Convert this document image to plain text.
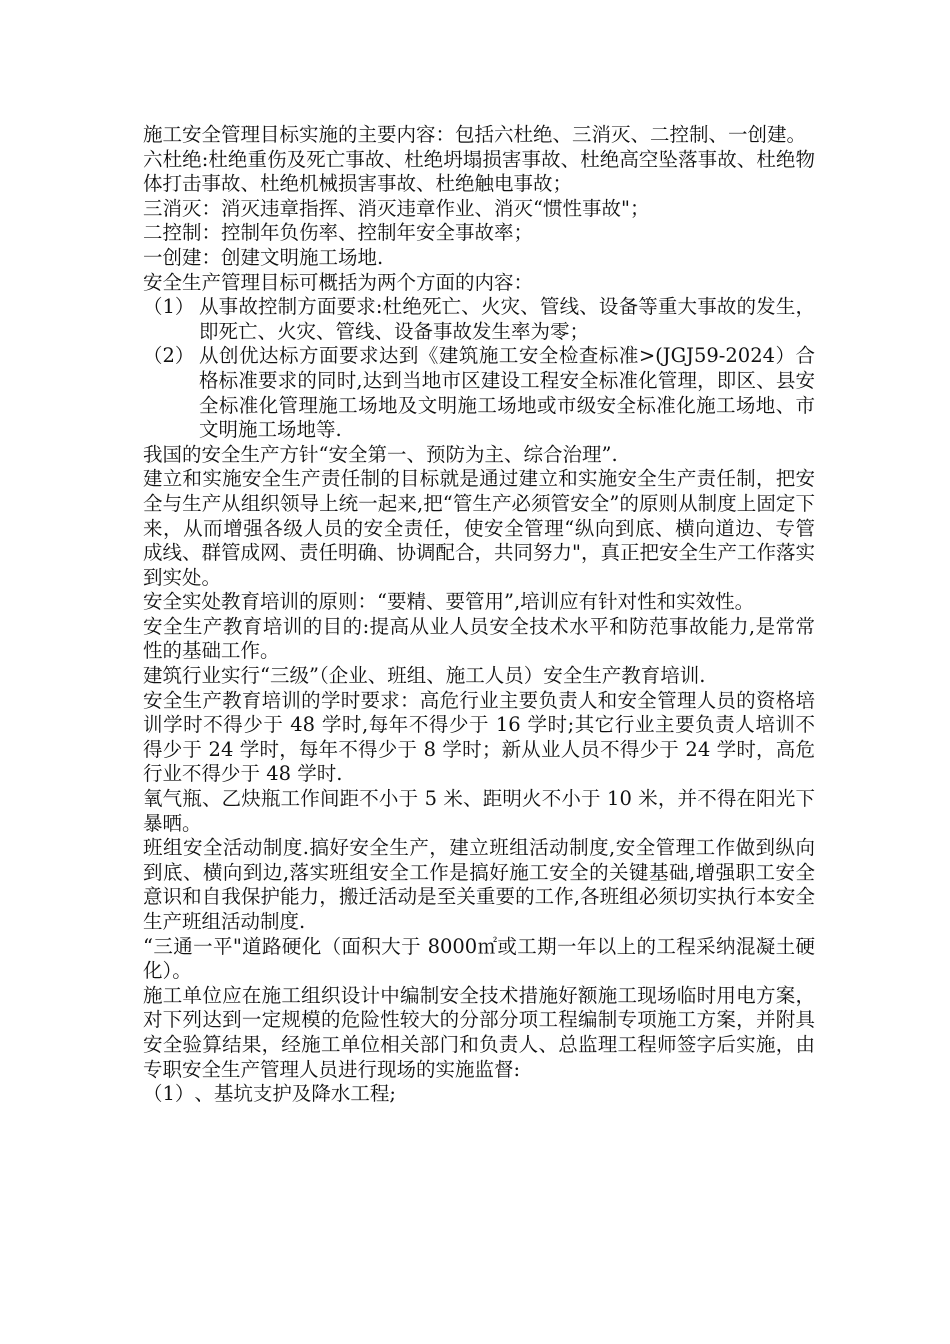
施工安全管理目标实施的主要内容：包括六杜绝、三消灭、二控制、一创建。

六杜绝:杜绝重伤及死亡事故、杜绝坍塌损害事故、杜绝高空坠落事故、杜绝物体打击事故、杜绝机械损害事故、杜绝触电事故；

三消灭：消灭违章指挥、消灭违章作业、消灭“惯性事故"；

二控制：控制年负伤率、控制年安全事故率；

一创建：创建文明施工场地.

安全生产管理目标可概括为两个方面的内容：

（1） 从事故控制方面要求:杜绝死亡、火灾、管线、设备等重大事故的发生，即死亡、火灾、管线、设备事故发生率为零；
（2） 从创优达标方面要求达到《建筑施工安全检查标准>(JGJ59-2024）合格标准要求的同时,达到当地市区建设工程安全标准化管理，即区、县安全标准化管理施工场地及文明施工场地或市级安全标准化施工场地、市文明施工场地等.

我国的安全生产方针“安全第一、预防为主、综合治理”.

建立和实施安全生产责任制的目标就是通过建立和实施安全生产责任制，把安全与生产从组织领导上统一起来,把“管生产必须管安全”的原则从制度上固定下来，从而增强各级人员的安全责任，使安全管理“纵向到底、横向道边、专管成线、群管成网、责任明确、协调配合，共同努力"，真正把安全生产工作落实到实处。

安全实处教育培训的原则：“要精、要管用”,培训应有针对性和实效性。

安全生产教育培训的目的:提高从业人员安全技术水平和防范事故能力,是常常性的基础工作。

建筑行业实行“三级”（企业、班组、施工人员）安全生产教育培训.

安全生产教育培训的学时要求：高危行业主要负责人和安全管理人员的资格培训学时不得少于 48 学时,每年不得少于 16 学时;其它行业主要负责人培训不得少于 24 学时，每年不得少于 8 学时；新从业人员不得少于 24 学时，高危行业不得少于 48 学时.

氧气瓶、乙炔瓶工作间距不小于 5 米、距明火不小于 10 米，并不得在阳光下暴晒。

班组安全活动制度.搞好安全生产，建立班组活动制度,安全管理工作做到纵向到底、横向到边,落实班组安全工作是搞好施工安全的关键基础,增强职工安全意识和自我保护能力，搬迁活动是至关重要的工作,各班组必须切实执行本安全生产班组活动制度.

“三通一平"道路硬化（面积大于 8000㎡或工期一年以上的工程采纳混凝土硬化）。

施工单位应在施工组织设计中编制安全技术措施好额施工现场临时用电方案，对下列达到一定规模的危险性较大的分部分项工程编制专项施工方案，并附具安全验算结果，经施工单位相关部门和负责人、总监理工程师签字后实施，由专职安全生产管理人员进行现场的实施监督:

（1） 、基坑支护及降水工程;
